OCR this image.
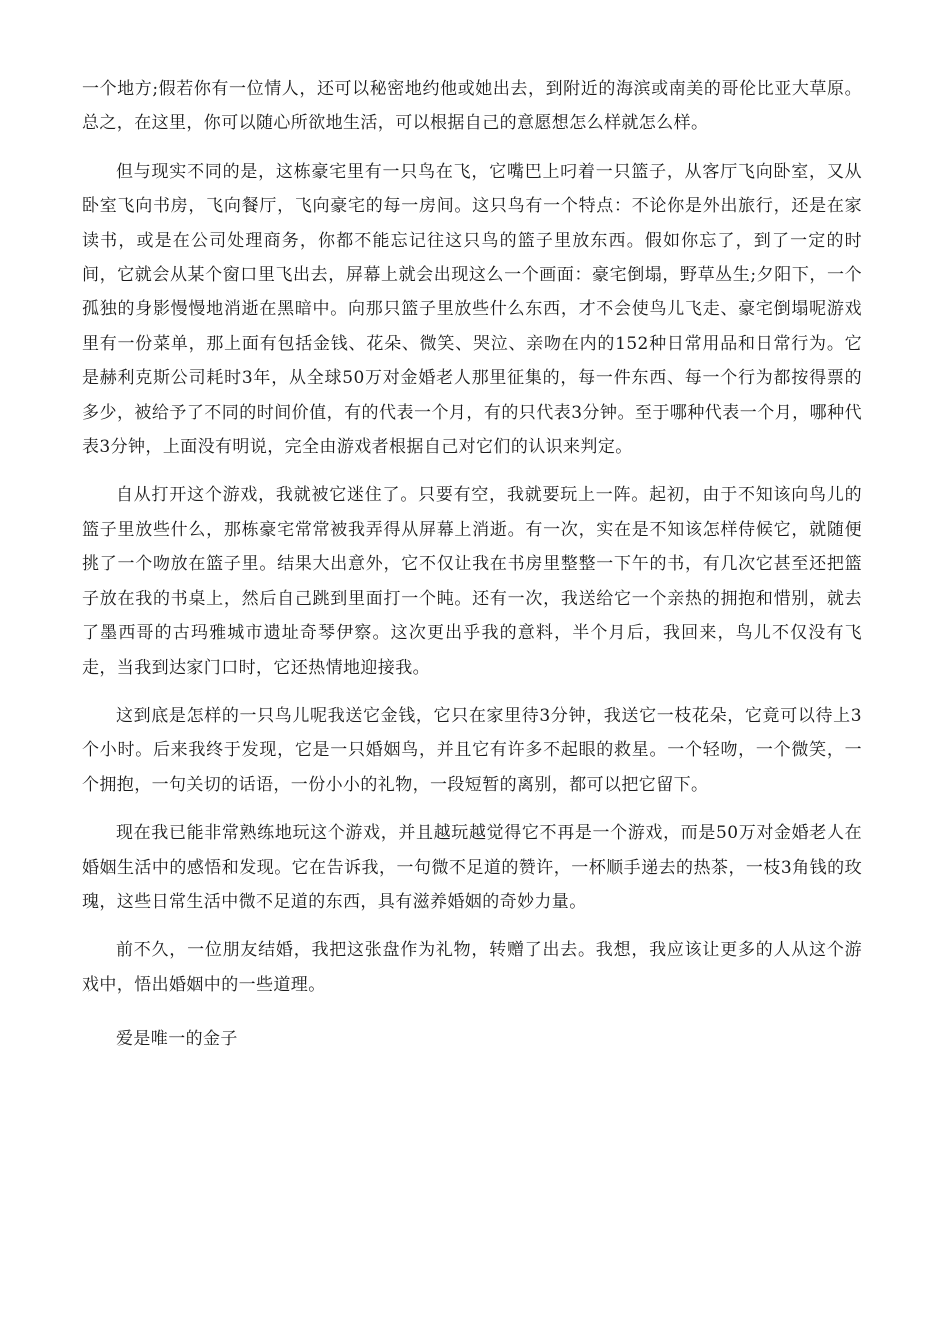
一个地方;假若你有一位情人，还可以秘密地约他或她出去，到附近的海滨或南美的哥伦比亚大草原。总之，在这里，你可以随心所欲地生活，可以根据自己的意愿想怎么样就怎么样。

但与现实不同的是，这栋豪宅里有一只鸟在飞，它嘴巴上叼着一只篮子，从客厅飞向卧室，又从卧室飞向书房，飞向餐厅，飞向豪宅的每一房间。这只鸟有一个特点：不论你是外出旅行，还是在家读书，或是在公司处理商务，你都不能忘记往这只鸟的篮子里放东西。假如你忘了，到了一定的时间，它就会从某个窗口里飞出去，屏幕上就会出现这么一个画面：豪宅倒塌，野草丛生;夕阳下，一个孤独的身影慢慢地消逝在黑暗中。向那只篮子里放些什么东西，才不会使鸟儿飞走、豪宅倒塌呢游戏里有一份菜单，那上面有包括金钱、花朵、微笑、哭泣、亲吻在内的152种日常用品和日常行为。它是赫利克斯公司耗时3年，从全球50万对金婚老人那里征集的，每一件东西、每一个行为都按得票的多少，被给予了不同的时间价值，有的代表一个月，有的只代表3分钟。至于哪种代表一个月，哪种代表3分钟，上面没有明说，完全由游戏者根据自己对它们的认识来判定。

自从打开这个游戏，我就被它迷住了。只要有空，我就要玩上一阵。起初，由于不知该向鸟儿的篮子里放些什么，那栋豪宅常常被我弄得从屏幕上消逝。有一次，实在是不知该怎样侍候它，就随便挑了一个吻放在篮子里。结果大出意外，它不仅让我在书房里整整一下午的书，有几次它甚至还把篮子放在我的书桌上，然后自己跳到里面打一个盹。还有一次，我送给它一个亲热的拥抱和惜别，就去了墨西哥的古玛雅城市遗址奇琴伊察。这次更出乎我的意料，半个月后，我回来，鸟儿不仅没有飞走，当我到达家门口时，它还热情地迎接我。

这到底是怎样的一只鸟儿呢我送它金钱，它只在家里待3分钟，我送它一枝花朵，它竟可以待上3个小时。后来我终于发现，它是一只婚姻鸟，并且它有许多不起眼的救星。一个轻吻，一个微笑，一个拥抱，一句关切的话语，一份小小的礼物，一段短暂的离别，都可以把它留下。

现在我已能非常熟练地玩这个游戏，并且越玩越觉得它不再是一个游戏，而是50万对金婚老人在婚姻生活中的感悟和发现。它在告诉我，一句微不足道的赞许，一杯顺手递去的热茶，一枝3角钱的玫瑰，这些日常生活中微不足道的东西，具有滋养婚姻的奇妙力量。

前不久，一位朋友结婚，我把这张盘作为礼物，转赠了出去。我想，我应该让更多的人从这个游戏中，悟出婚姻中的一些道理。

爱是唯一的金子
